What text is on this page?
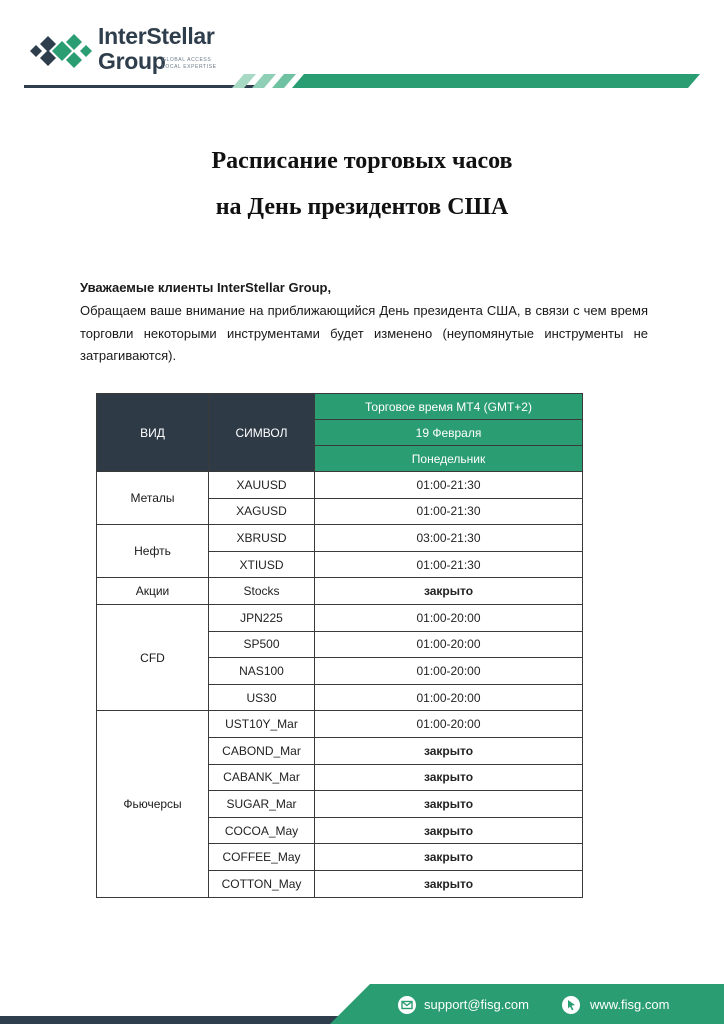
InterStellar
Group
GLOBAL ACCESS
LOCAL EXPERTISE
Расписание торговых часов
на День президентов США
Уважаемые клиенты InterStellar Group,
Обращаем ваше внимание на приближающийся День президента США, в связи с чем время торговли некоторыми инструментами будет изменено (неупомянутые инструменты не затрагиваются).
ВИД	СИМВОЛ	Торговое время МТ4 (GMT+2)
		19 Февраля
		Понедельник
Металы	XAUUSD	01:00-21:30
	XAGUSD	01:00-21:30
Нефть	XBRUSD	03:00-21:30
	XTIUSD	01:00-21:30
Акции	Stocks	закрыто
CFD	JPN225	01:00-20:00
	SP500	01:00-20:00
	NAS100	01:00-20:00
	US30	01:00-20:00
Фьючерсы	UST10Y_Mar	01:00-20:00
	CABOND_Mar	закрыто
	CABANK_Mar	закрыто
	SUGAR_Mar	закрыто
	COCOA_May	закрыто
	COFFEE_May	закрыто
	COTTON_May	закрыто
support@fisg.com	www.fisg.com
